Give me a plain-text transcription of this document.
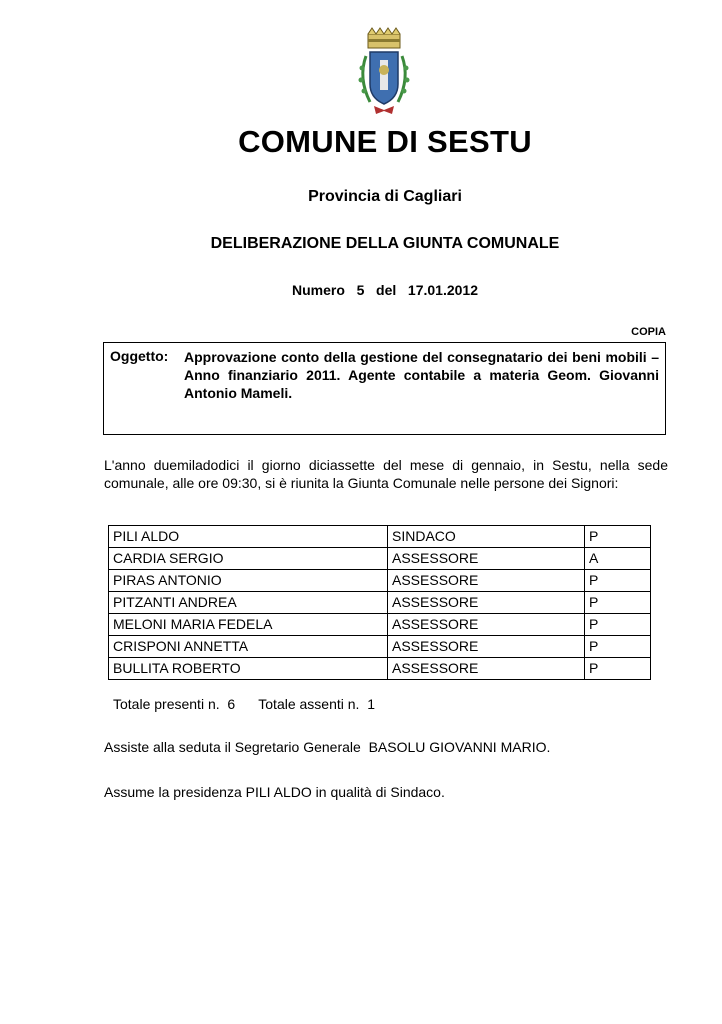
COMUNE DI SESTU
Provincia di Cagliari
DELIBERAZIONE DELLA GIUNTA COMUNALE
Numero   5   del   17.01.2012
COPIA
Oggetto: Approvazione conto della gestione del consegnatario dei beni mobili – Anno finanziario 2011. Agente contabile a materia Geom. Giovanni Antonio Mameli.
L'anno duemiladodici il giorno diciassette del mese di gennaio, in Sestu, nella sede comunale, alle ore 09:30, si è riunita la Giunta Comunale nelle persone dei Signori:
PILI ALDO	SINDACO	P
CARDIA SERGIO	ASSESSORE	A
PIRAS ANTONIO	ASSESSORE	P
PITZANTI ANDREA	ASSESSORE	P
MELONI MARIA FEDELA	ASSESSORE	P
CRISPONI ANNETTA	ASSESSORE	P
BULLITA ROBERTO	ASSESSORE	P
Totale presenti n.  6      Totale assenti n.  1
Assiste alla seduta il Segretario Generale  BASOLU GIOVANNI MARIO.
Assume la presidenza PILI ALDO in qualità di Sindaco.
